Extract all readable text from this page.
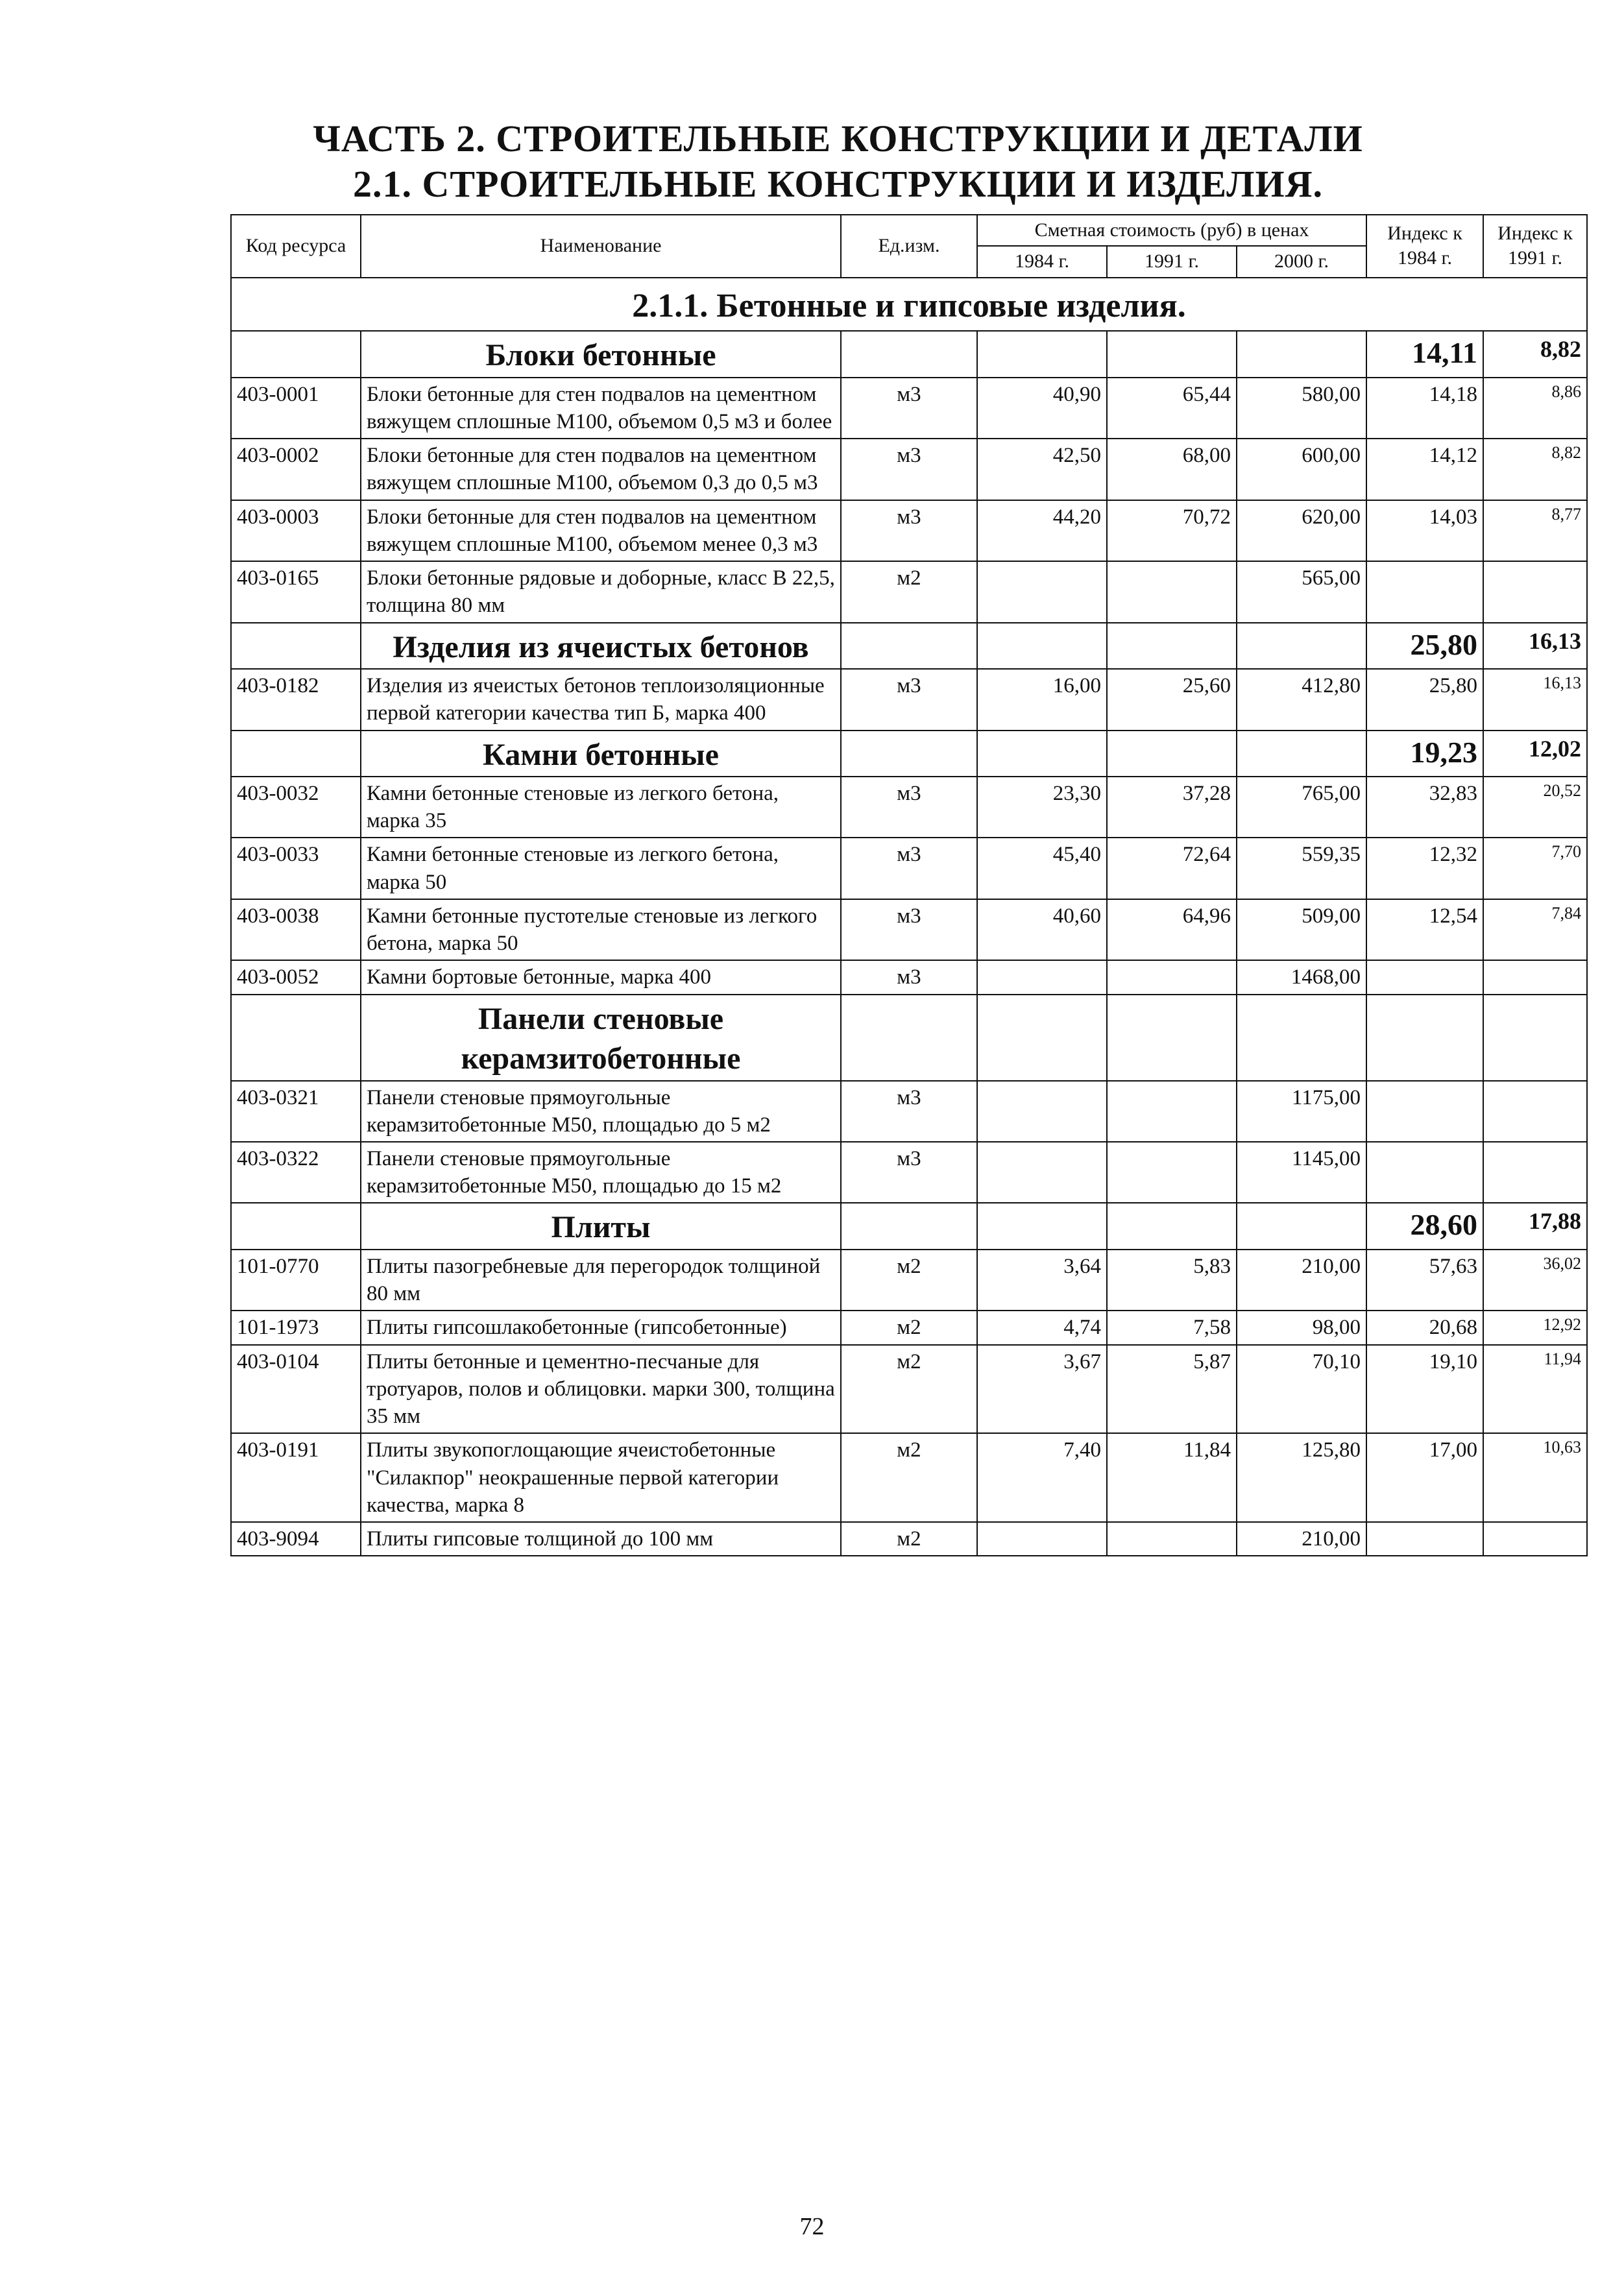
ЧАСТЬ 2. СТРОИТЕЛЬНЫЕ КОНСТРУКЦИИ И ДЕТАЛИ
2.1. СТРОИТЕЛЬНЫЕ КОНСТРУКЦИИ И ИЗДЕЛИЯ.
Код ресурса	Наименование	Ед.изм.	Сметная стоимость (руб) в ценах			Индекс к 1984 г.	Индекс к 1991 г.
			1984 г.	1991 г.	2000 г.		
2.1.1. Бетонные и гипсовые изделия.							
	Блоки бетонные					14,11	8,82
403-0001	Блоки бетонные для стен подвалов на цементном вяжущем сплошные М100, объемом 0,5 м3 и более	м3	40,90	65,44	580,00	14,18	8,86
403-0002	Блоки бетонные для стен подвалов на цементном вяжущем сплошные М100, объемом 0,3 до 0,5 м3	м3	42,50	68,00	600,00	14,12	8,82
403-0003	Блоки бетонные для стен подвалов на цементном вяжущем сплошные М100, объемом менее 0,3 м3	м3	44,20	70,72	620,00	14,03	8,77
403-0165	Блоки бетонные рядовые и доборные, класс В 22,5, толщина 80 мм	м2			565,00		
	Изделия из ячеистых бетонов					25,80	16,13
403-0182	Изделия из ячеистых бетонов теплоизоляционные первой категории качества тип Б, марка 400	м3	16,00	25,60	412,80	25,80	16,13
	Камни бетонные					19,23	12,02
403-0032	Камни бетонные стеновые из легкого бетона, марка 35	м3	23,30	37,28	765,00	32,83	20,52
403-0033	Камни бетонные стеновые из легкого бетона, марка 50	м3	45,40	72,64	559,35	12,32	7,70
403-0038	Камни бетонные пустотелые стеновые из легкого бетона, марка 50	м3	40,60	64,96	509,00	12,54	7,84
403-0052	Камни бортовые бетонные, марка 400	м3			1468,00		
	Панели стеновые керамзитобетонные						
403-0321	Панели стеновые прямоугольные керамзитобетонные М50, площадью до 5 м2	м3			1175,00		
403-0322	Панели стеновые прямоугольные керамзитобетонные М50, площадью до 15 м2	м3			1145,00		
	Плиты					28,60	17,88
101-0770	Плиты пазогребневые для перегородок толщиной 80 мм	м2	3,64	5,83	210,00	57,63	36,02
101-1973	Плиты гипсошлакобетонные (гипсобетонные)	м2	4,74	7,58	98,00	20,68	12,92
403-0104	Плиты бетонные и цементно-песчаные для тротуаров, полов и облицовки. марки 300, толщина 35 мм	м2	3,67	5,87	70,10	19,10	11,94
403-0191	Плиты звукопоглощающие ячеистобетонные "Силакпор" неокрашенные первой категории качества, марка 8	м2	7,40	11,84	125,80	17,00	10,63
403-9094	Плиты гипсовые толщиной до 100 мм	м2			210,00		
72
